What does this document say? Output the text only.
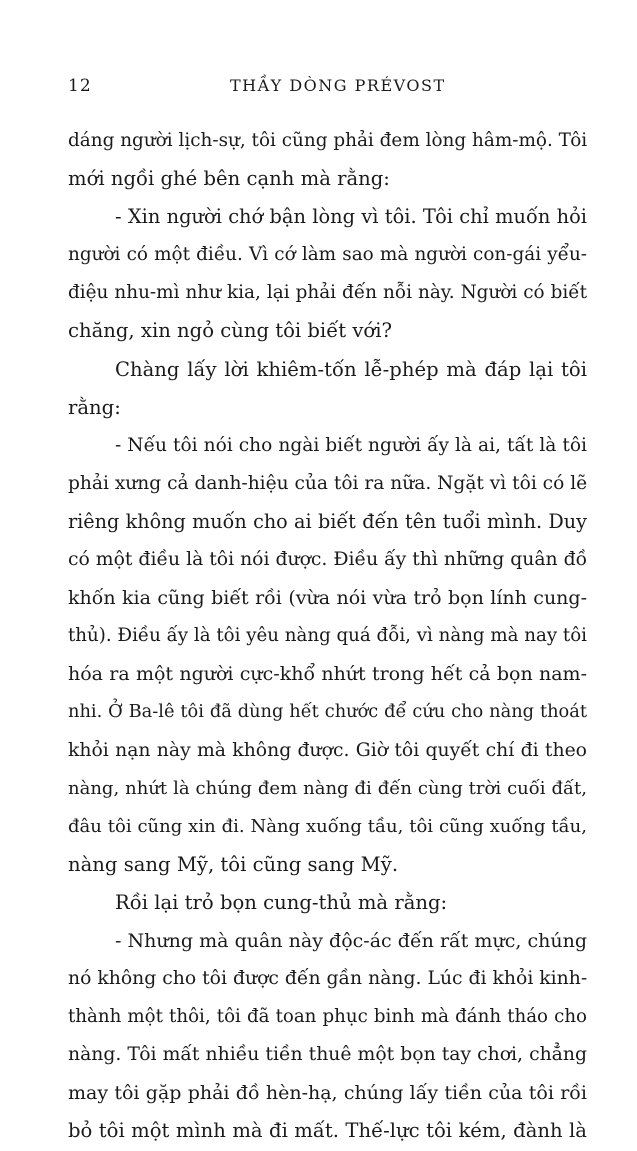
12	THẦY DÒNG PRÉVOST
dáng người lịch-sự, tôi cũng phải đem lòng hâm-mộ. Tôi
mới ngồi ghé bên cạnh mà rằng:
- Xin người chớ bận lòng vì tôi. Tôi chỉ muốn hỏi
người có một điều. Vì cớ làm sao mà người con-gái yểu-
điệu nhu-mì như kia, lại phải đến nỗi này. Người có biết
chăng, xin ngỏ cùng tôi biết với?
Chàng lấy lời khiêm-tốn lễ-phép mà đáp lại tôi
rằng:
- Nếu tôi nói cho ngài biết người ấy là ai, tất là tôi
phải xưng cả danh-hiệu của tôi ra nữa. Ngặt vì tôi có lẽ
riêng không muốn cho ai biết đến tên tuổi mình. Duy
có một điều là tôi nói được. Điều ấy thì những quân đồ
khốn kia cũng biết rồi (vừa nói vừa trỏ bọn lính cung-
thủ). Điều ấy là tôi yêu nàng quá đỗi, vì nàng mà nay tôi
hóa ra một người cực-khổ nhứt trong hết cả bọn nam-
nhi. Ở Ba-lê tôi đã dùng hết chước để cứu cho nàng thoát
khỏi nạn này mà không được. Giờ tôi quyết chí đi theo
nàng, nhứt là chúng đem nàng đi đến cùng trời cuối đất,
đâu tôi cũng xin đi. Nàng xuống tầu, tôi cũng xuống tầu,
nàng sang Mỹ, tôi cũng sang Mỹ.
Rồi lại trỏ bọn cung-thủ mà rằng:
- Nhưng mà quân này độc-ác đến rất mực, chúng
nó không cho tôi được đến gần nàng. Lúc đi khỏi kinh-
thành một thôi, tôi đã toan phục binh mà đánh tháo cho
nàng. Tôi mất nhiều tiền thuê một bọn tay chơi, chẳng
may tôi gặp phải đồ hèn-hạ, chúng lấy tiền của tôi rồi
bỏ tôi một mình mà đi mất. Thế-lực tôi kém, đành là
